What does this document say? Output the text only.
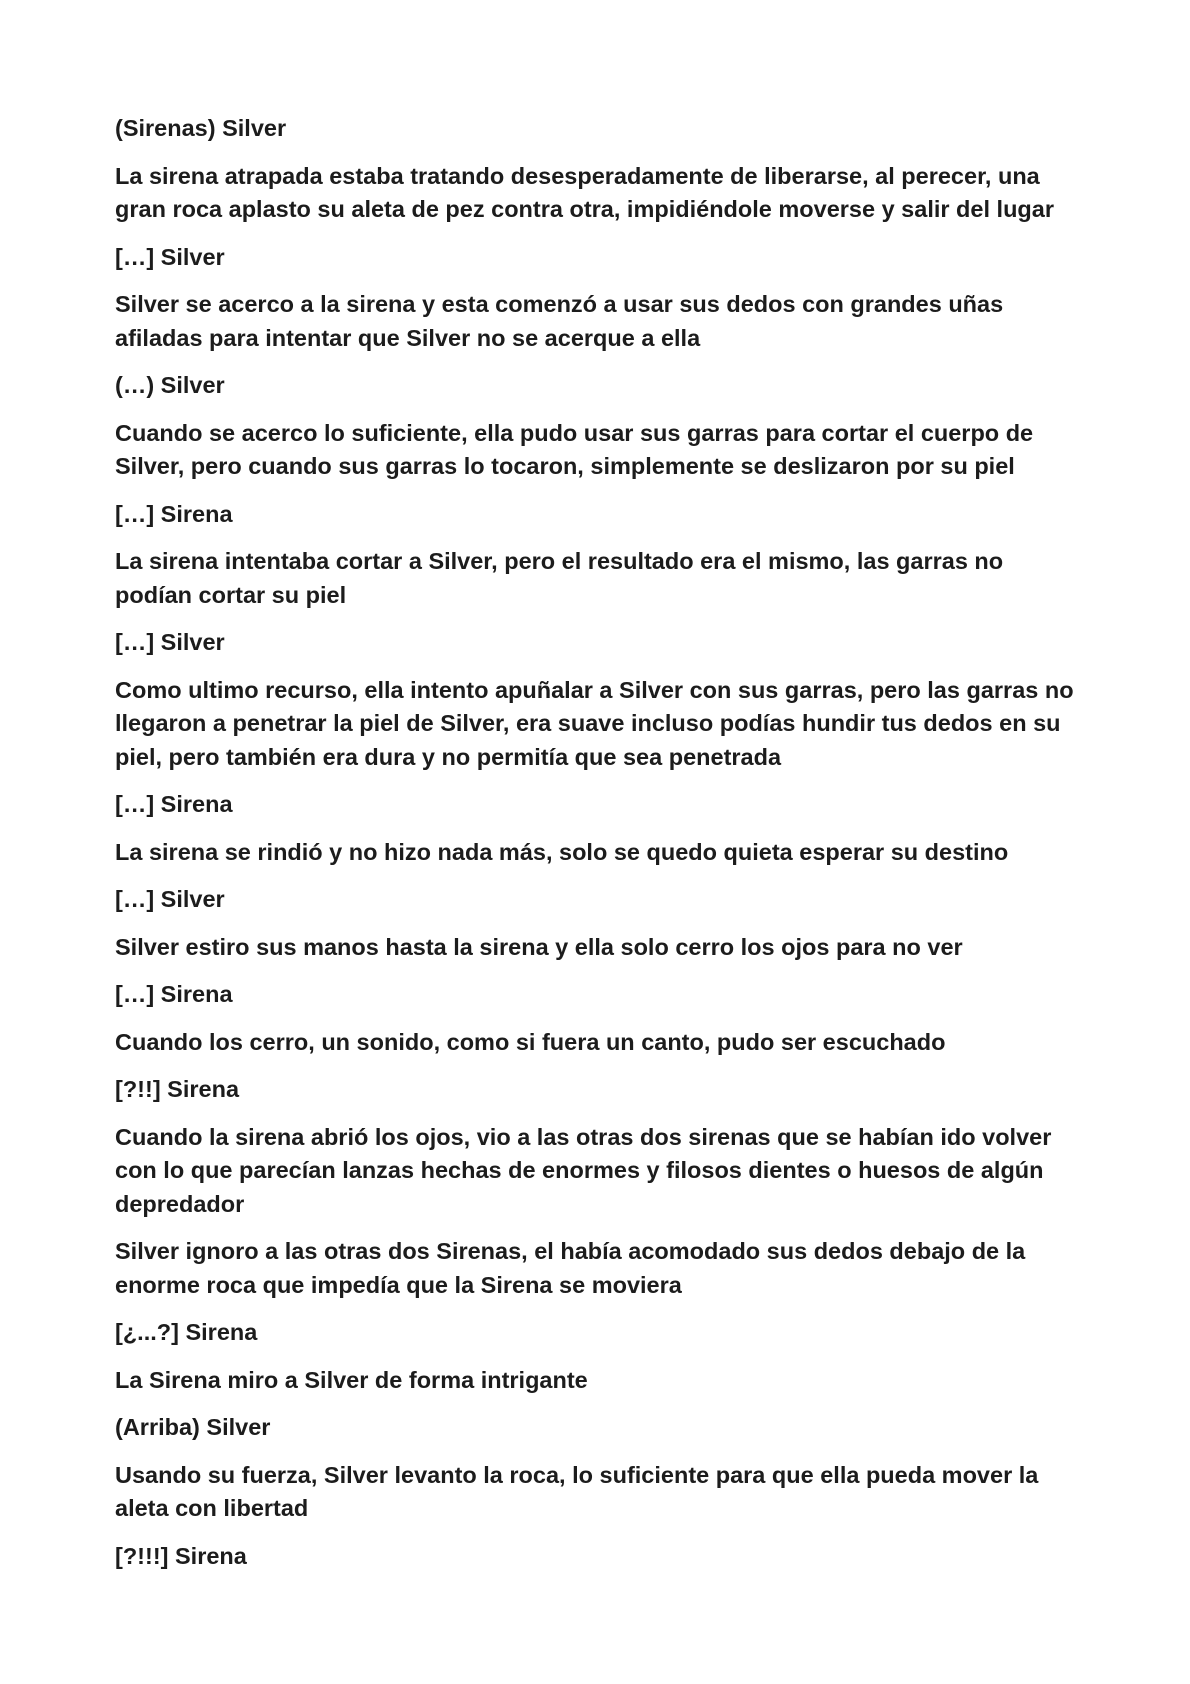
(Sirenas) Silver

La sirena atrapada estaba tratando desesperadamente de liberarse, al perecer, una gran roca aplasto su aleta de pez contra otra, impidiéndole moverse y salir del lugar

[…] Silver

Silver se acerco a la sirena y esta comenzó a usar sus dedos con grandes uñas afiladas para intentar que Silver no se acerque a ella

(…) Silver

Cuando se acerco lo suficiente, ella pudo usar sus garras para cortar el cuerpo de Silver, pero cuando sus garras lo tocaron, simplemente se deslizaron por su piel

[…] Sirena

La sirena intentaba cortar a Silver, pero el resultado era el mismo, las garras no podían cortar su piel

[…] Silver

Como ultimo recurso, ella intento apuñalar a Silver con sus garras, pero las garras no llegaron a penetrar la piel de Silver, era suave incluso podías hundir tus dedos en su piel, pero también era dura y no permitía que sea penetrada

[…] Sirena

La sirena se rindió y no hizo nada más, solo se quedo quieta esperar su destino

[…] Silver

Silver estiro sus manos hasta la sirena y ella solo cerro los ojos para no ver

[…] Sirena

Cuando los cerro, un sonido, como si fuera un canto, pudo ser escuchado

[?!!] Sirena

Cuando la sirena abrió los ojos, vio a las otras dos sirenas que se habían ido volver con lo que parecían lanzas hechas de enormes y filosos dientes o huesos de algún depredador

Silver ignoro a las otras dos Sirenas, el había acomodado sus dedos debajo de la enorme roca que impedía que la Sirena se moviera

[¿...?] Sirena

La Sirena miro a Silver de forma intrigante

(Arriba) Silver

Usando su fuerza, Silver levanto la roca, lo suficiente para que ella pueda mover la aleta con libertad

[?!!!] Sirena
